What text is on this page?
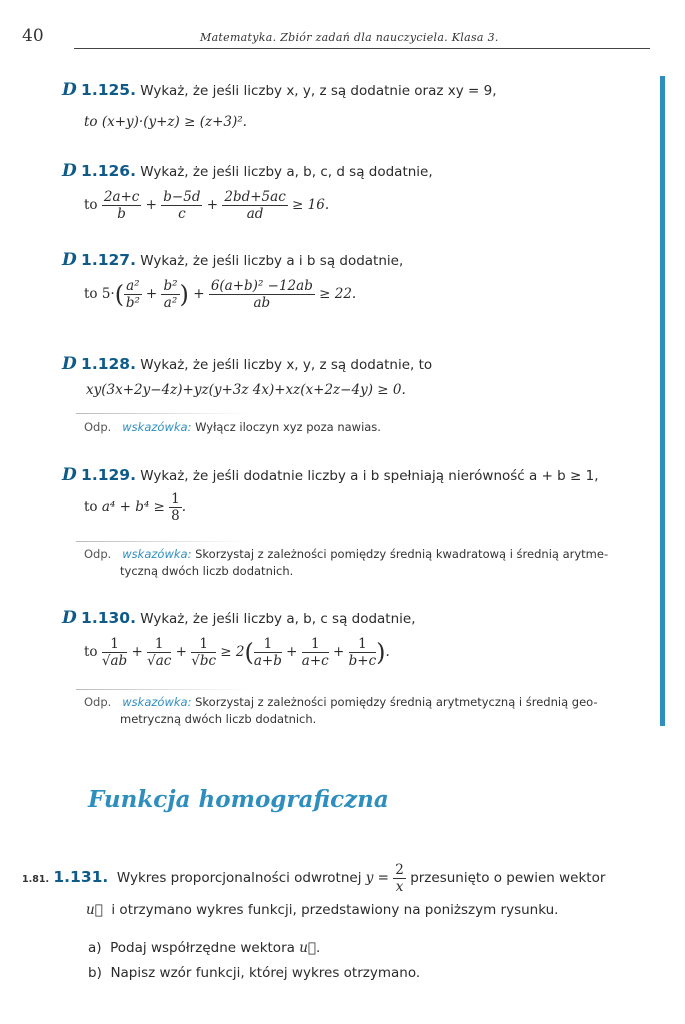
40	Matematyka. Zbiór zadań dla nauczyciela. Klasa 3.
D 1.125. Wykaż, że jeśli liczby x, y, z są dodatnie oraz xy = 9,
to (x+y)·(y+z) ≥ (z+3)².
D 1.126. Wykaż, że jeśli liczby a, b, c, d są dodatnie,
to $\frac{2a+c}{b} + \frac{b-5d}{c} + \frac{2bd+5ac}{ad} \ge 16$.
D 1.127. Wykaż, że jeśli liczby a i b są dodatnie,
to $5\cdot( \frac{\text{a²}}{\text{b²}} + \frac{\text{b²}}{\text{a²}}$ ) + $\frac{\text{6(a+b)² −12ab}}{ab} \ge 22$.
D 1.128. Wykaż, że jeśli liczby x, y, z są dodatnie, to
xy(3x+2y−4z)+yz(y+3z 4x)+xz(x+2z−4y) ≥ 0.
Odp. wskazówka: Wyłącz iloczyn xyz poza nawias.
D 1.129. Wykaż, że jeśli dodatnie liczby a i b spełniają nierówność a + b ≥ 1,
to $a^4 + b^4 \ge \frac{1}{8}$ .
Odp. wskazówka: Skorzystaj z zależności pomiędzy średnią kwadratową i średnią arytme-
tyczną dwóch liczb dodatnich.
D 1.130. Wykaż, że jeśli liczby a, b, c są dodatnie,
to $\frac{1}{√ab} + \frac{1}{√ac} + \frac{1}{√bc} \ge 2( \frac{1}{a+b} + \frac{1}{a+c} + \frac{1}{b+c}$ ).
Odp. wskazówka: Skorzystaj z zależności pomiędzy średnią arytmetyczną i średnią geo-
metryczną dwóch liczb dodatnich.
Funkcja homograficzna
1.81. 1.131. Wykres proporcjonalności odwrotnej $y = \frac{2}{x}$ przesunięto o pewien wektor
u⃗ i otrzymano wykres funkcji, przedstawiony na poniższym rysunku.
a) Podaj współrzędne wektora u⃗.
b) Napisz wzór funkcji, której wykres otrzymano.
